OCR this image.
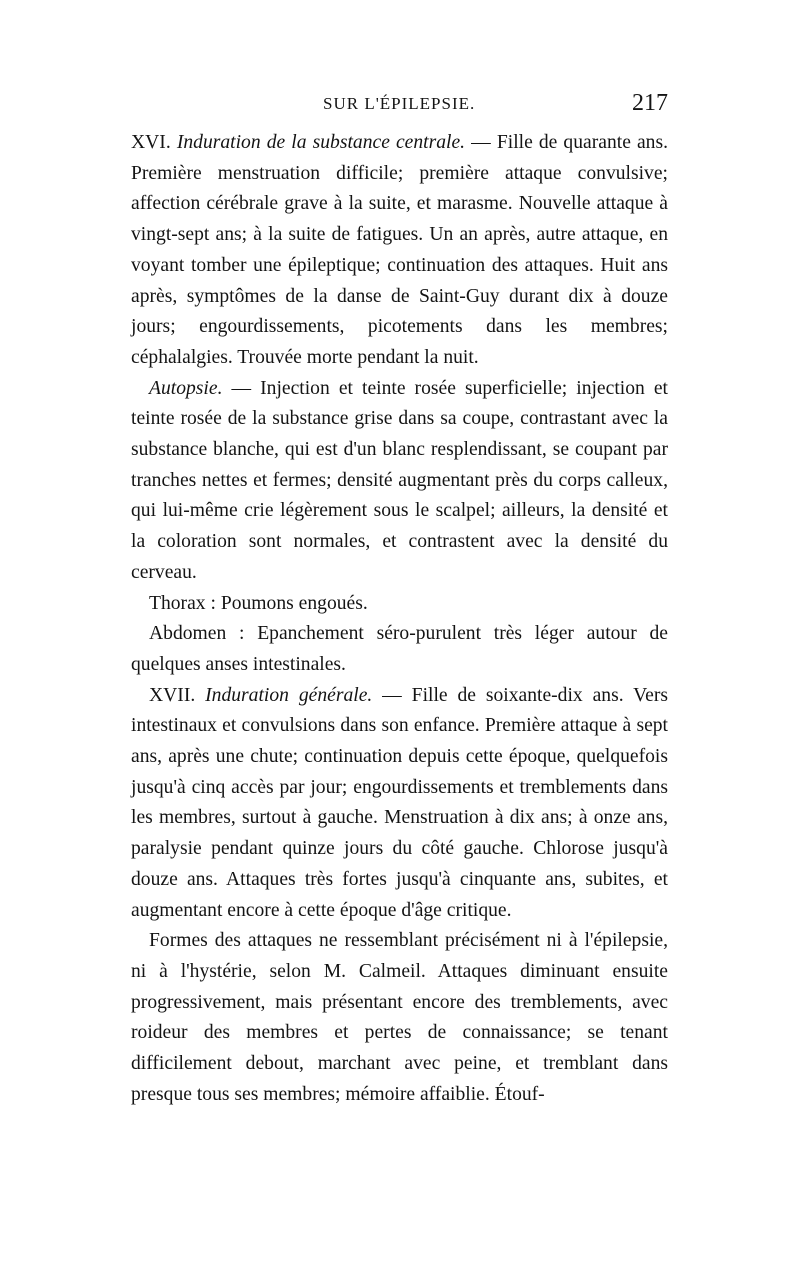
SUR L'ÉPILEPSIE.	217

XVI. Induration de la substance centrale. — Fille de quarante ans. Première menstruation difficile; première attaque convulsive; affection cérébrale grave à la suite, et marasme. Nouvelle attaque à vingt-sept ans; à la suite de fatigues. Un an après, autre attaque, en voyant tomber une épileptique; continuation des attaques. Huit ans après, symptômes de la danse de Saint-Guy durant dix à douze jours; engourdissements, picotements dans les membres; céphalalgies. Trouvée morte pendant la nuit.

Autopsie. — Injection et teinte rosée superficielle; injection et teinte rosée de la substance grise dans sa coupe, contrastant avec la substance blanche, qui est d'un blanc resplendissant, se coupant par tranches nettes et fermes; densité augmentant près du corps calleux, qui lui-même crie légèrement sous le scalpel; ailleurs, la densité et la coloration sont normales, et contrastent avec la densité du cerveau.

Thorax : Poumons engoués.

Abdomen : Epanchement séro-purulent très léger autour de quelques anses intestinales.

XVII. Induration générale. — Fille de soixante-dix ans. Vers intestinaux et convulsions dans son enfance. Première attaque à sept ans, après une chute; continuation depuis cette époque, quelquefois jusqu'à cinq accès par jour; engourdissements et tremblements dans les membres, surtout à gauche. Menstruation à dix ans; à onze ans, paralysie pendant quinze jours du côté gauche. Chlorose jusqu'à douze ans. Attaques très fortes jusqu'à cinquante ans, subites, et augmentant encore à cette époque d'âge critique.

Formes des attaques ne ressemblant précisément ni à l'épilepsie, ni à l'hystérie, selon M. Calmeil. Attaques diminuant ensuite progressivement, mais présentant encore des tremblements, avec roideur des membres et pertes de connaissance; se tenant difficilement debout, marchant avec peine, et tremblant dans presque tous ses membres; mémoire affaiblie. Étouf-
